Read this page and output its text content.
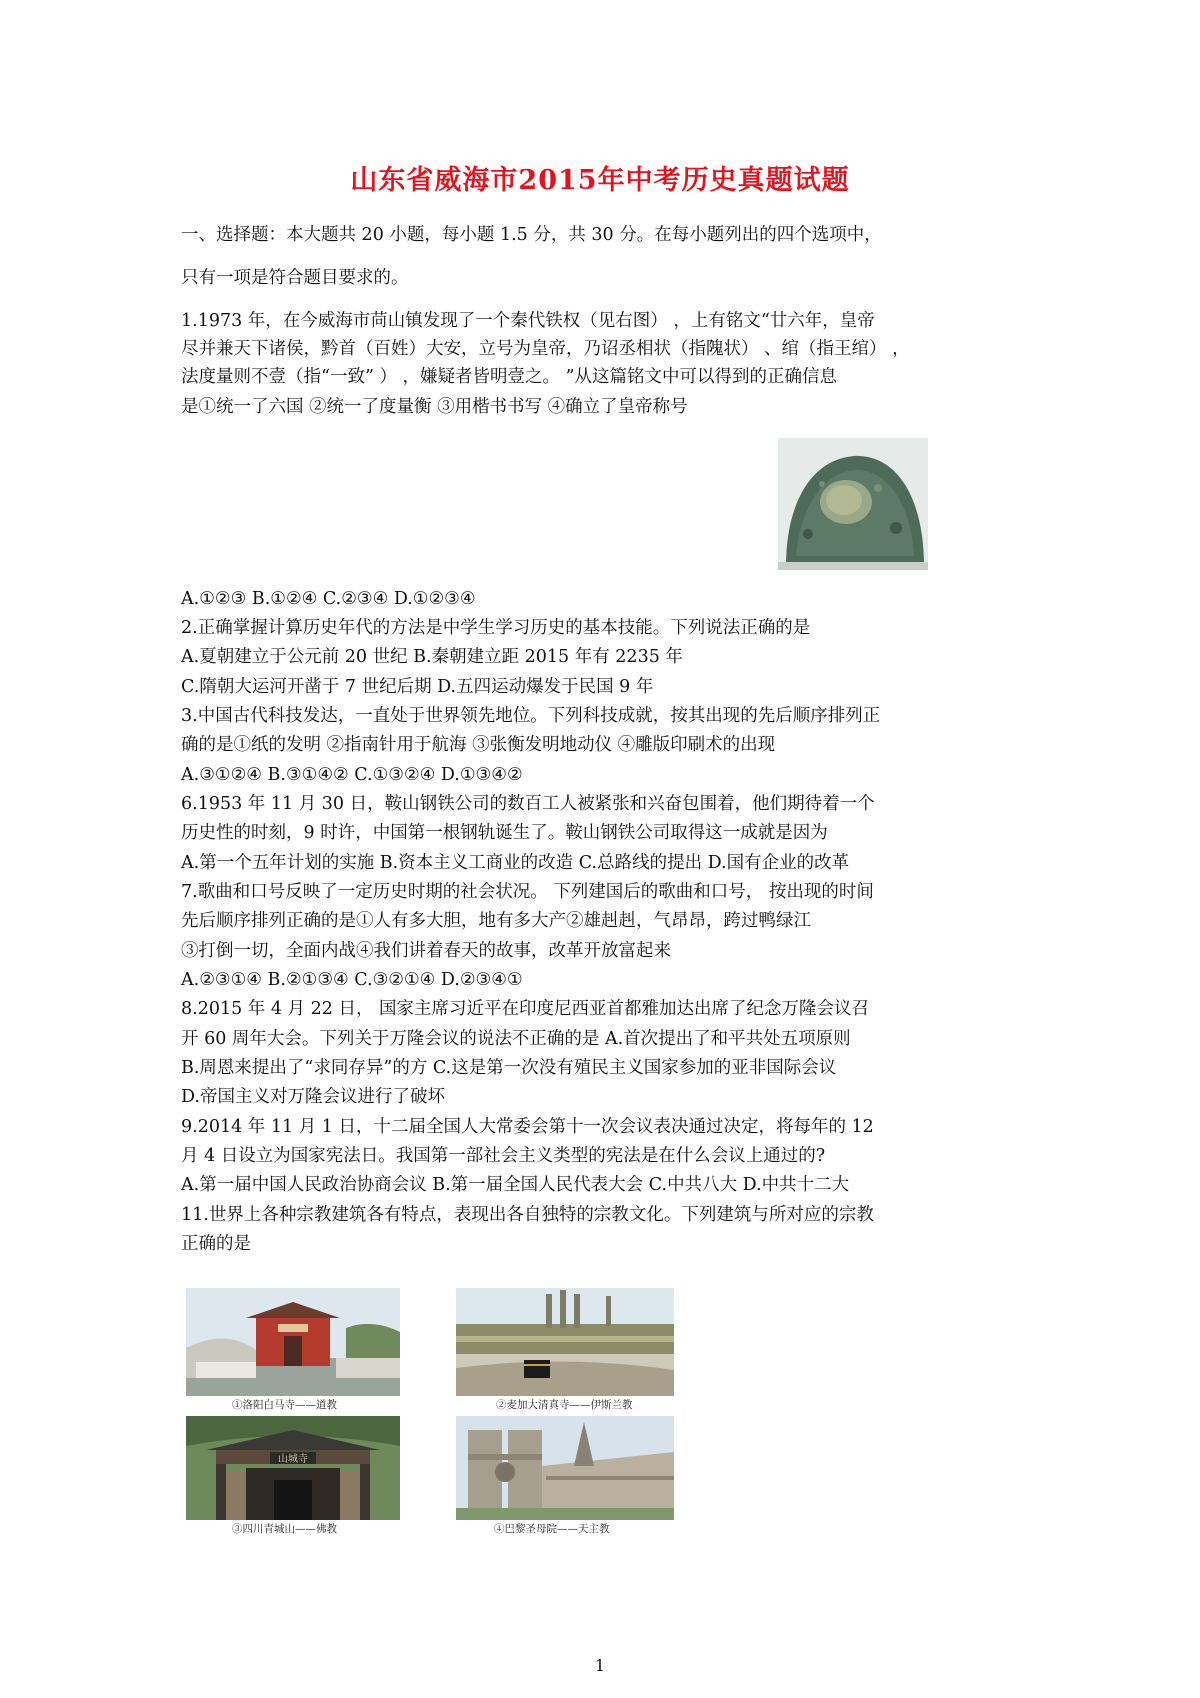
山东省威海市2015年中考历史真题试题
一、选择题：本大题共 20 小题，每小题 1.5 分，共 30 分。在每小题列出的四个选项中，
只有一项是符合题目要求的。
1.1973 年，在今威海市苘山镇发现了一个秦代铁权（见右图） ，上有铭文“廿六年，皇帝
尽并兼天下诸侯，黔首（百姓）大安，立号为皇帝，乃诏丞相状（指隗状） 、绾（指王绾） ，
法度量则不壹（指“一致” ） ，嫌疑者皆明壹之。 ”从这篇铭文中可以得到的正确信息
是①统一了六国 ②统一了度量衡 ③用楷书书写 ④确立了皇帝称号
A.①②③ B.①②④ C.②③④ D.①②③④
2.正确掌握计算历史年代的方法是中学生学习历史的基本技能。下列说法正确的是
A.夏朝建立于公元前 20 世纪 B.秦朝建立距 2015 年有 2235 年
C.隋朝大运河开凿于 7 世纪后期 D.五四运动爆发于民国 9 年
3.中国古代科技发达，一直处于世界领先地位。下列科技成就，按其出现的先后顺序排列正
确的是①纸的发明 ②指南针用于航海 ③张衡发明地动仪 ④雕版印刷术的出现
A.③①②④ B.③①④② C.①③②④ D.①③④②
6.1953 年 11 月 30 日，鞍山钢铁公司的数百工人被紧张和兴奋包围着，他们期待着一个
历史性的时刻，9 时许，中国第一根钢轨诞生了。鞍山钢铁公司取得这一成就是因为
A.第一个五年计划的实施 B.资本主义工商业的改造 C.总路线的提出 D.国有企业的改革
7.歌曲和口号反映了一定历史时期的社会状况。 下列建国后的歌曲和口号， 按出现的时间
先后顺序排列正确的是①人有多大胆，地有多大产②雄赳赳，气昂昂，跨过鸭绿江
③打倒一切，全面内战④我们讲着春天的故事，改革开放富起来
A.②③①④ B.②①③④ C.③②①④ D.②③④①
8.2015 年 4 月 22 日， 国家主席习近平在印度尼西亚首都雅加达出席了纪念万隆会议召
开 60 周年大会。下列关于万隆会议的说法不正确的是 A.首次提出了和平共处五项原则
B.周恩来提出了“求同存异”的方 C.这是第一次没有殖民主义国家参加的亚非国际会议
D.帝国主义对万隆会议进行了破坏
9.2014 年 11 月 1 日，十二届全国人大常委会第十一次会议表决通过决定，将每年的 12
月 4 日设立为国家宪法日。我国第一部社会主义类型的宪法是在什么会议上通过的?
A.第一届中国人民政治协商会议 B.第一届全国人民代表大会 C.中共八大 D.中共十二大
11.世界上各种宗教建筑各有特点，表现出各自独特的宗教文化。下列建筑与所对应的宗教
正确的是
①洛阳白马寺——道教	②麦加大清真寺——伊斯兰教
山城寺
③四川青城山——佛教	④巴黎圣母院——天主教
1
